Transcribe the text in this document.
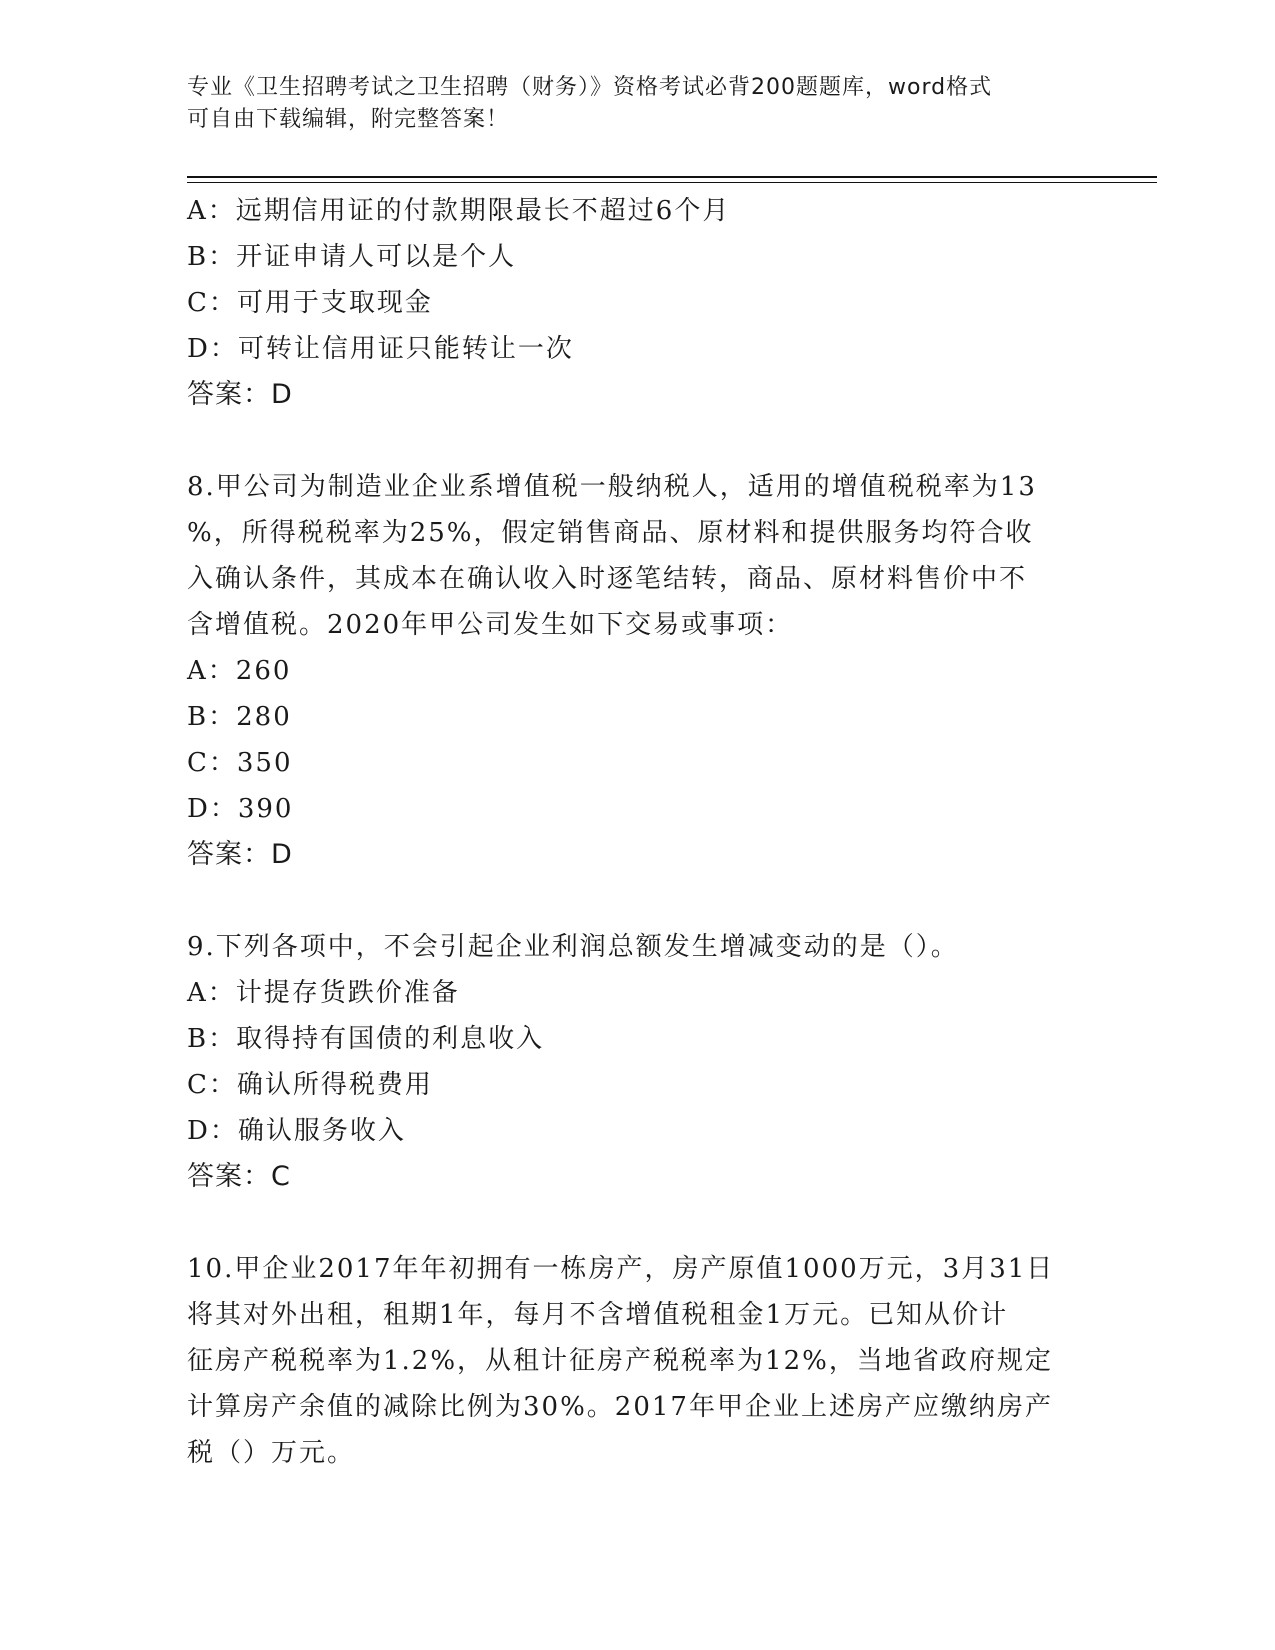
专业《卫生招聘考试之卫生招聘（财务）》资格考试必背200题题库，word格式
可自由下载编辑，附完整答案！
A：远期信用证的付款期限最长不超过6个月
B：开证申请人可以是个人
C：可用于支取现金
D：可转让信用证只能转让一次
答案：D
8.甲公司为制造业企业系增值税一般纳税人，适用的增值税税率为13
%，所得税税率为25%，假定销售商品、原材料和提供服务均符合收
入确认条件，其成本在确认收入时逐笔结转，商品、原材料售价中不
含增值税。2020年甲公司发生如下交易或事项：
A：260
B：280
C：350
D：390
答案：D
9.下列各项中，不会引起企业利润总额发生增减变动的是（）。
A：计提存货跌价准备
B：取得持有国债的利息收入
C：确认所得税费用
D：确认服务收入
答案：C
10.甲企业2017年年初拥有一栋房产，房产原值1000万元，3月31日
将其对外出租，租期1年，每月不含增值税租金1万元。已知从价计
征房产税税率为1.2%，从租计征房产税税率为12%，当地省政府规定
计算房产余值的减除比例为30%。2017年甲企业上述房产应缴纳房产
税（）万元。
